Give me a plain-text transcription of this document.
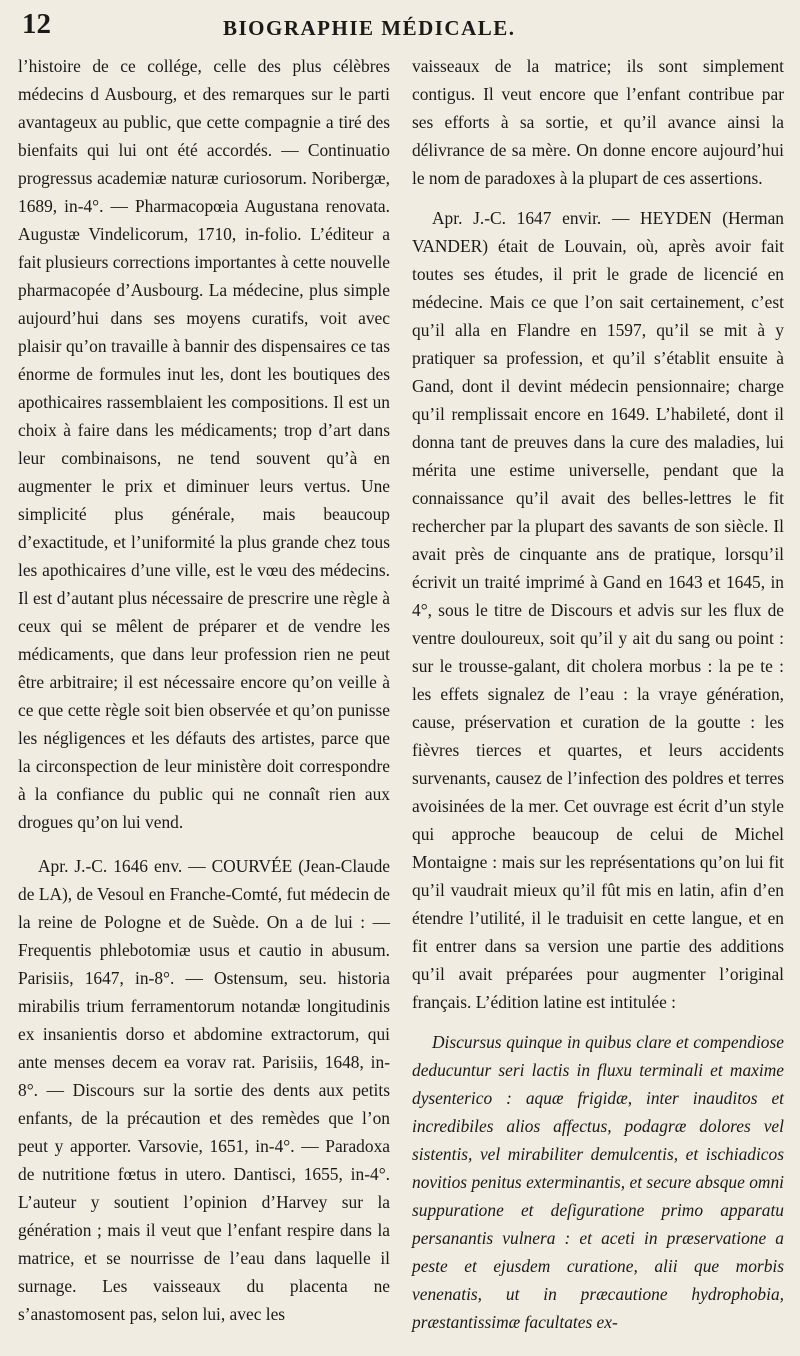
12	BIOGRAPHIE MÉDICALE.

l’histoire de ce collége, celle des plus célèbres médecins d Ausbourg, et des remarques sur le parti avantageux au public, que cette compagnie a tiré des bienfaits qui lui ont été accordés. — Continuatio progressus academiæ naturæ curiosorum. Noribergæ, 1689, in-4°. — Pharmacopœia Augustana renovata. Augustæ Vindelicorum, 1710, in-folio. L’éditeur a fait plusieurs corrections importantes à cette nouvelle pharmacopée d’Ausbourg. La médecine, plus simple aujourd’hui dans ses moyens curatifs, voit avec plaisir qu’on travaille à bannir des dispensaires ce tas énorme de formules inut les, dont les boutiques des apothicaires rassemblaient les compositions. Il est un choix à faire dans les médicaments; trop d’art dans leur combinaisons, ne tend souvent qu’à en augmenter le prix et diminuer leurs vertus. Une simplicité plus générale, mais beaucoup d’exactitude, et l’uniformité la plus grande chez tous les apothicaires d’une ville, est le vœu des médecins. Il est d’autant plus nécessaire de prescrire une règle à ceux qui se mêlent de préparer et de vendre les médicaments, que dans leur profession rien ne peut être arbitraire; il est nécessaire encore qu’on veille à ce que cette règle soit bien observée et qu’on punisse les négligences et les défauts des artistes, parce que la circonspection de leur ministère doit correspondre à la confiance du public qui ne connaît rien aux drogues qu’on lui vend.

Apr. J.-C. 1646 env. — COURVÉE (Jean-Claude de LA), de Vesoul en Franche-Comté, fut médecin de la reine de Pologne et de Suède. On a de lui : — Frequentis phlebotomiæ usus et cautio in abusum. Parisiis, 1647, in-8°. — Ostensum, seu. historia mirabilis trium ferramentorum notandæ longitudinis ex insanientis dorso et abdomine extractorum, qui ante menses decem ea vorav rat. Parisiis, 1648, in-8°. — Discours sur la sortie des dents aux petits enfants, de la précaution et des remèdes que l’on peut y apporter. Varsovie, 1651, in-4°. — Paradoxa de nutritione fœtus in utero. Dantisci, 1655, in-4°. L’auteur y soutient l’opinion d’Harvey sur la génération ; mais il veut que l’enfant respire dans la matrice, et se nourrisse de l’eau dans laquelle il surnage. Les vaisseaux du placenta ne s’anastomosent pas, selon lui, avec les

vaisseaux de la matrice; ils sont simplement contigus. Il veut encore que l’enfant contribue par ses efforts à sa sortie, et qu’il avance ainsi la délivrance de sa mère. On donne encore aujourd’hui le nom de paradoxes à la plupart de ces assertions.

Apr. J.-C. 1647 envir. — HEYDEN (Herman VANDER) était de Louvain, où, après avoir fait toutes ses études, il prit le grade de licencié en médecine. Mais ce que l’on sait certainement, c’est qu’il alla en Flandre en 1597, qu’il se mit à y pratiquer sa profession, et qu’il s’établit ensuite à Gand, dont il devint médecin pensionnaire; charge qu’il remplissait encore en 1649. L’habileté, dont il donna tant de preuves dans la cure des maladies, lui mérita une estime universelle, pendant que la connaissance qu’il avait des belles-lettres le fit rechercher par la plupart des savants de son siècle. Il avait près de cinquante ans de pratique, lorsqu’il écrivit un traité imprimé à Gand en 1643 et 1645, in 4°, sous le titre de Discours et advis sur les flux de ventre douloureux, soit qu’il y ait du sang ou point : sur le trousse-galant, dit cholera morbus : la pe te : les effets signalez de l’eau : la vraye génération, cause, préservation et curation de la goutte : les fièvres tierces et quartes, et leurs accidents survenants, causez de l’infection des poldres et terres avoisinées de la mer. Cet ouvrage est écrit d’un style qui approche beaucoup de celui de Michel Montaigne : mais sur les représentations qu’on lui fit qu’il vaudrait mieux qu’il fût mis en latin, afin d’en étendre l’utilité, il le traduisit en cette langue, et en fit entrer dans sa version une partie des additions qu’il avait préparées pour augmenter l’original français. L’édition latine est intitulée :

Discursus quinque in quibus clare et compendiose deducuntur seri lactis in fluxu terminali et maxime dysenterico : aquæ frigidæ, inter inauditos et incredibiles alios affectus, podagræ dolores vel sistentis, vel mirabiliter demulcentis, et ischiadicos novitios penitus exterminantis, et secure absque omni suppuratione et deſiguratione primo apparatu persanantis vulnera : et aceti in præservatione a peste et ejusdem curatione, alii que morbis venenatis, ut in præcautione hydrophobia, præstantissimæ facultates ex-
